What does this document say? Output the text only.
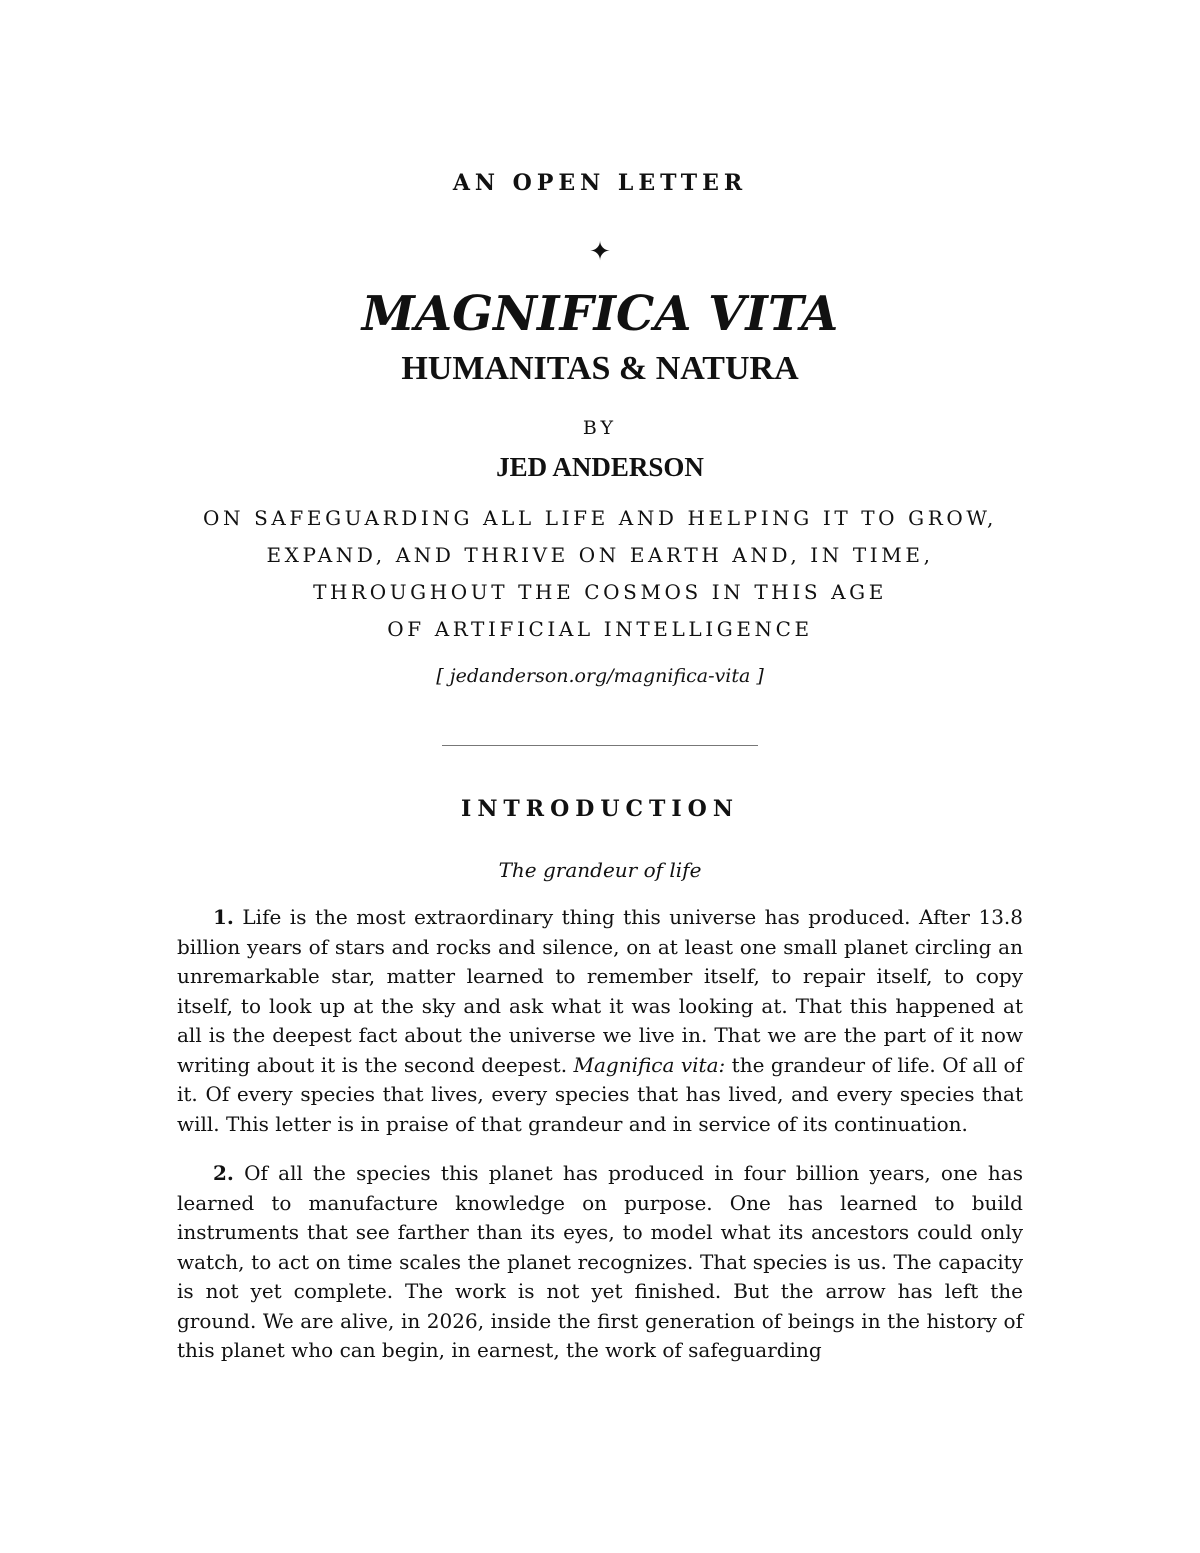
AN OPEN LETTER
✦
MAGNIFICA VITA
HUMANITAS & NATURA
BY
JED ANDERSON
ON SAFEGUARDING ALL LIFE AND HELPING IT TO GROW,
EXPAND, AND THRIVE ON EARTH AND, IN TIME,
THROUGHOUT THE COSMOS IN THIS AGE
OF ARTIFICIAL INTELLIGENCE
[ jedanderson.org/magnifica-vita ]
INTRODUCTION
The grandeur of life

1. Life is the most extraordinary thing this universe has produced. After 13.8 billion years of stars and rocks and silence, on at least one small planet circling an unremarkable star, matter learned to remember itself, to repair itself, to copy itself, to look up at the sky and ask what it was looking at. That this happened at all is the deepest fact about the universe we live in. That we are the part of it now writing about it is the second deepest. Magnifica vita: the grandeur of life. Of all of it. Of every species that lives, every species that has lived, and every species that will. This letter is in praise of that grandeur and in service of its continuation.

2. Of all the species this planet has produced in four billion years, one has learned to manufacture knowledge on purpose. One has learned to build instruments that see farther than its eyes, to model what its ancestors could only watch, to act on time scales the planet recognizes. That species is us. The capacity is not yet complete. The work is not yet finished. But the arrow has left the ground. We are alive, in 2026, inside the first generation of beings in the history of this planet who can begin, in earnest, the work of safeguarding
